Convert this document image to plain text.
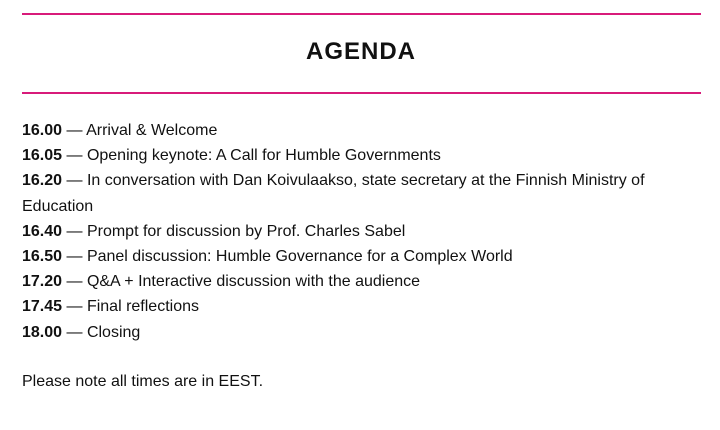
AGENDA

16.00 — Arrival & Welcome

16.05 — Opening keynote: A Call for Humble Governments

16.20 — In conversation with Dan Koivulaakso, state secretary at the Finnish Ministry of Education

16.40 — Prompt for discussion by Prof. Charles Sabel

16.50 — Panel discussion: Humble Governance for a Complex World

17.20 — Q&A + Interactive discussion with the audience

17.45 — Final reflections

18.00 — Closing

Please note all times are in EEST.
